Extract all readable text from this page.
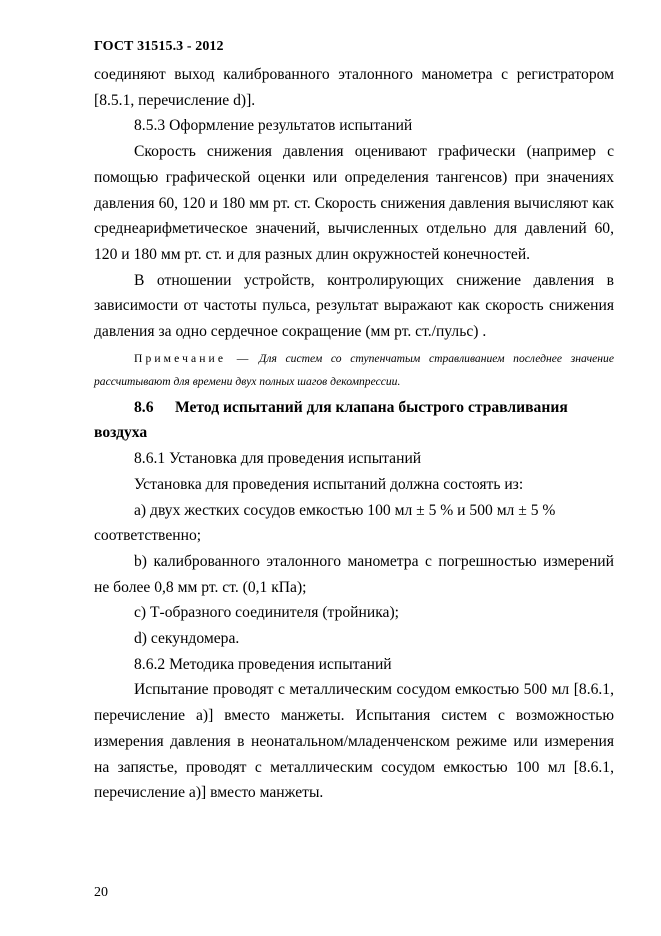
ГОСТ 31515.3 - 2012

соединяют выход калиброванного эталонного манометра с регистратором [8.5.1, перечисление d)].

8.5.3 Оформление результатов испытаний

Скорость снижения давления оценивают графически (например с помощью графической оценки или определения тангенсов) при значениях давления 60, 120 и 180 мм рт. ст. Скорость снижения давления вычисляют как среднеарифметическое значений, вычисленных отдельно для давлений 60, 120 и 180 мм рт. ст. и для разных длин окружностей конечностей.

В отношении устройств, контролирующих снижение давления в зависимости от частоты пульса, результат выражают как скорость снижения давления за одно сердечное сокращение (мм рт. ст./пульс) .

Примечание — Для систем со ступенчатым стравливанием последнее значение рассчитывают для времени двух полных шагов декомпрессии.

8.6 Метод испытаний для клапана быстрого стравливания воздуха

8.6.1 Установка для проведения испытаний

Установка для проведения испытаний должна состоять из:

a) двух жестких сосудов емкостью 100 мл ± 5 % и 500 мл ± 5 % соответственно;

b) калиброванного эталонного манометра с погрешностью измерений не более 0,8 мм рт. ст. (0,1 кПа);

c) Т-образного соединителя (тройника);

d) секундомера.

8.6.2 Методика проведения испытаний

Испытание проводят с металлическим сосудом емкостью 500 мл [8.6.1, перечисление а)] вместо манжеты. Испытания систем с возможностью измерения давления в неонатальном/младенченском режиме или измерения на запястье, проводят с металлическим сосудом емкостью 100 мл [8.6.1, перечисление а)] вместо манжеты.

20
